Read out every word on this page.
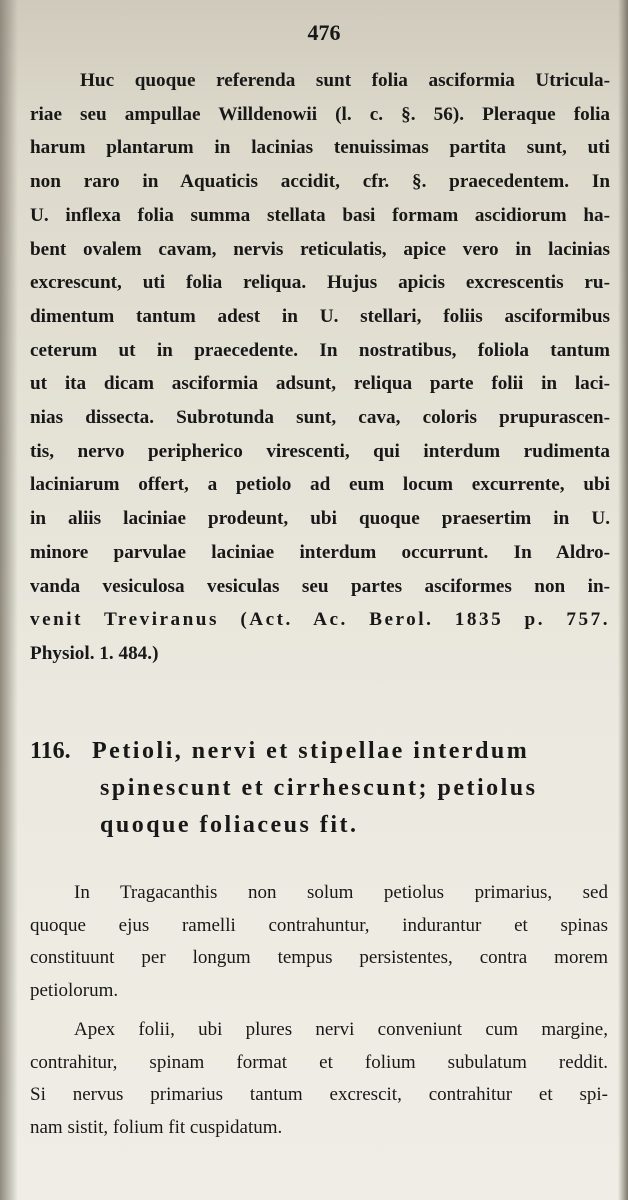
476
Huc quoque referenda sunt folia asciformia Utricula-
riae seu ampullae Willdenowii (l. c. §. 56). Pleraque folia
harum plantarum in lacinias tenuissimas partita sunt, uti
non raro in Aquaticis accidit, cfr. §. praecedentem. In
U. inflexa folia summa stellata basi formam ascidiorum ha-
bent ovalem cavam, nervis reticulatis, apice vero in lacinias
excrescunt, uti folia reliqua. Hujus apicis excrescentis ru-
dimentum tantum adest in U. stellari, foliis asciformibus
ceterum ut in praecedente. In nostratibus, foliola tantum
ut ita dicam asciformia adsunt, reliqua parte folii in laci-
nias dissecta. Subrotunda sunt, cava, coloris prupurascen-
tis, nervo peripherico virescenti, qui interdum rudimenta
laciniarum offert, a petiolo ad eum locum excurrente, ubi
in aliis laciniae prodeunt, ubi quoque praesertim in U.
minore parvulae laciniae interdum occurrunt. In Aldro-
vanda vesiculosa vesiculas seu partes asciformes non in-
venit Treviranus (Act. Ac. Berol. 1835 p. 757.
Physiol. 1. 484.)
116. Petioli, nervi et stipellae interdum
spinescunt et cirrhescunt; petiolus
quoque foliaceus fit.
In Tragacanthis non solum petiolus primarius, sed
quoque ejus ramelli contrahuntur, indurantur et spinas
constituunt per longum tempus persistentes, contra morem
petiolorum.
Apex folii, ubi plures nervi conveniunt cum margine,
contrahitur, spinam format et folium subulatum reddit.
Si nervus primarius tantum excrescit, contrahitur et spi-
nam sistit, folium fit cuspidatum.
